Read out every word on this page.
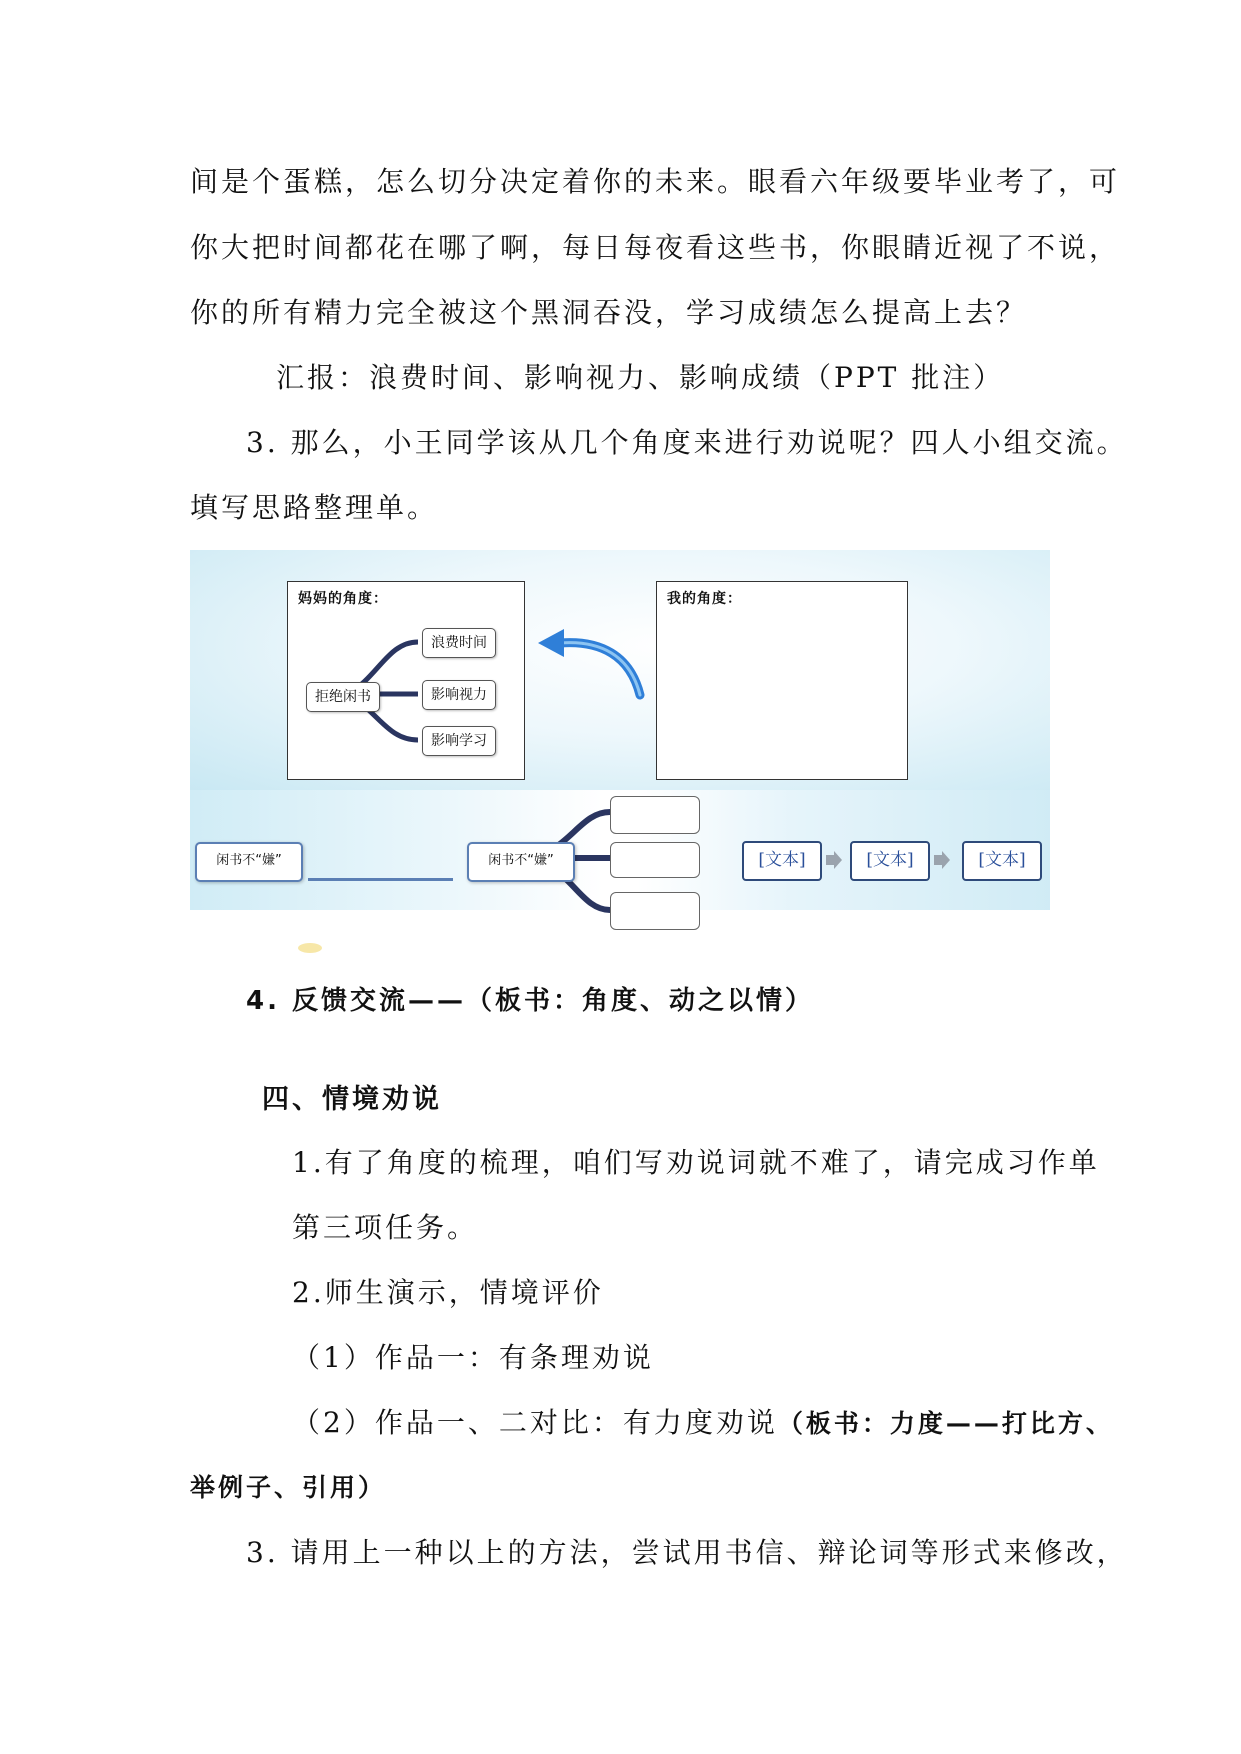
间是个蛋糕，怎么切分决定着你的未来。眼看六年级要毕业考了，可
你大把时间都花在哪了啊，每日每夜看这些书，你眼睛近视了不说，
你的所有精力完全被这个黑洞吞没，学习成绩怎么提高上去？
汇报：浪费时间、影响视力、影响成绩（PPT 批注）
3. 那么，小王同学该从几个角度来进行劝说呢？四人小组交流。
填写思路整理单。
妈妈的角度：
拒绝闲书
浪费时间
影响视力
影响学习
我的角度：
闲书不“嫌”	闲书不“嫌”	[文本]	[文本]	[文本]
4. 反馈交流——（板书：角度、动之以情）
四、情境劝说
1.有了角度的梳理，咱们写劝说词就不难了，请完成习作单
第三项任务。
2.师生演示，情境评价
（1）作品一：有条理劝说
（2）作品一、二对比：有力度劝说（板书：力度——打比方、
举例子、引用）
3. 请用上一种以上的方法，尝试用书信、辩论词等形式来修改，
